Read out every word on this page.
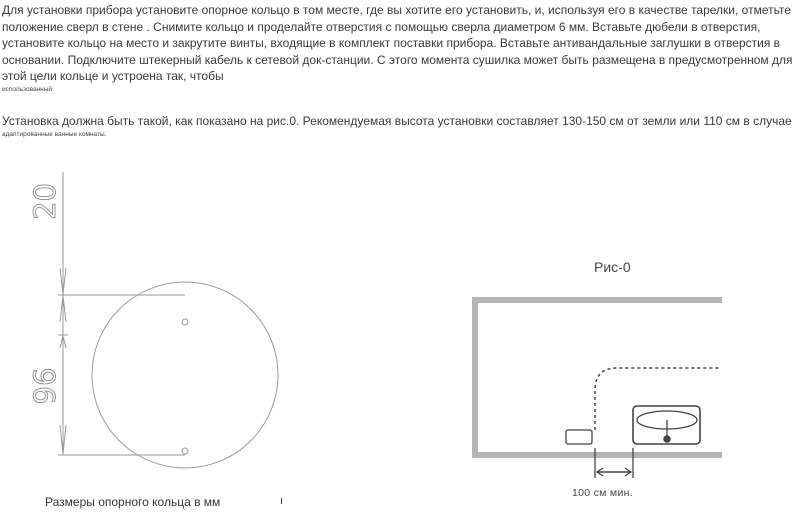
Для установки прибора установите опорное кольцо в том месте, где вы хотите его установить, и, используя его в качестве тарелки, отметьте положение сверл в стене . Снимите кольцо и проделайте отверстия с помощью сверла диаметром 6 мм. Вставьте дюбели в отверстия, установите кольцо на место и закрутите винты, входящие в комплект поставки прибора. Вставьте антивандальные заглушки в отверстия в основании. Подключите штекерный кабель к сетевой док-станции. С этого момента сушилка может быть размещена в предусмотренном для этой цели кольце и устроена так, чтобы
использованный.

Установка должна быть такой, как показано на рис.0. Рекомендуемая высота установки составляет 130-150 см от земли или 110 см в случае
адаптированные ванные комнаты.

20
96
Рис-0
100 см мин.
Размеры опорного кольца в мм	ı
